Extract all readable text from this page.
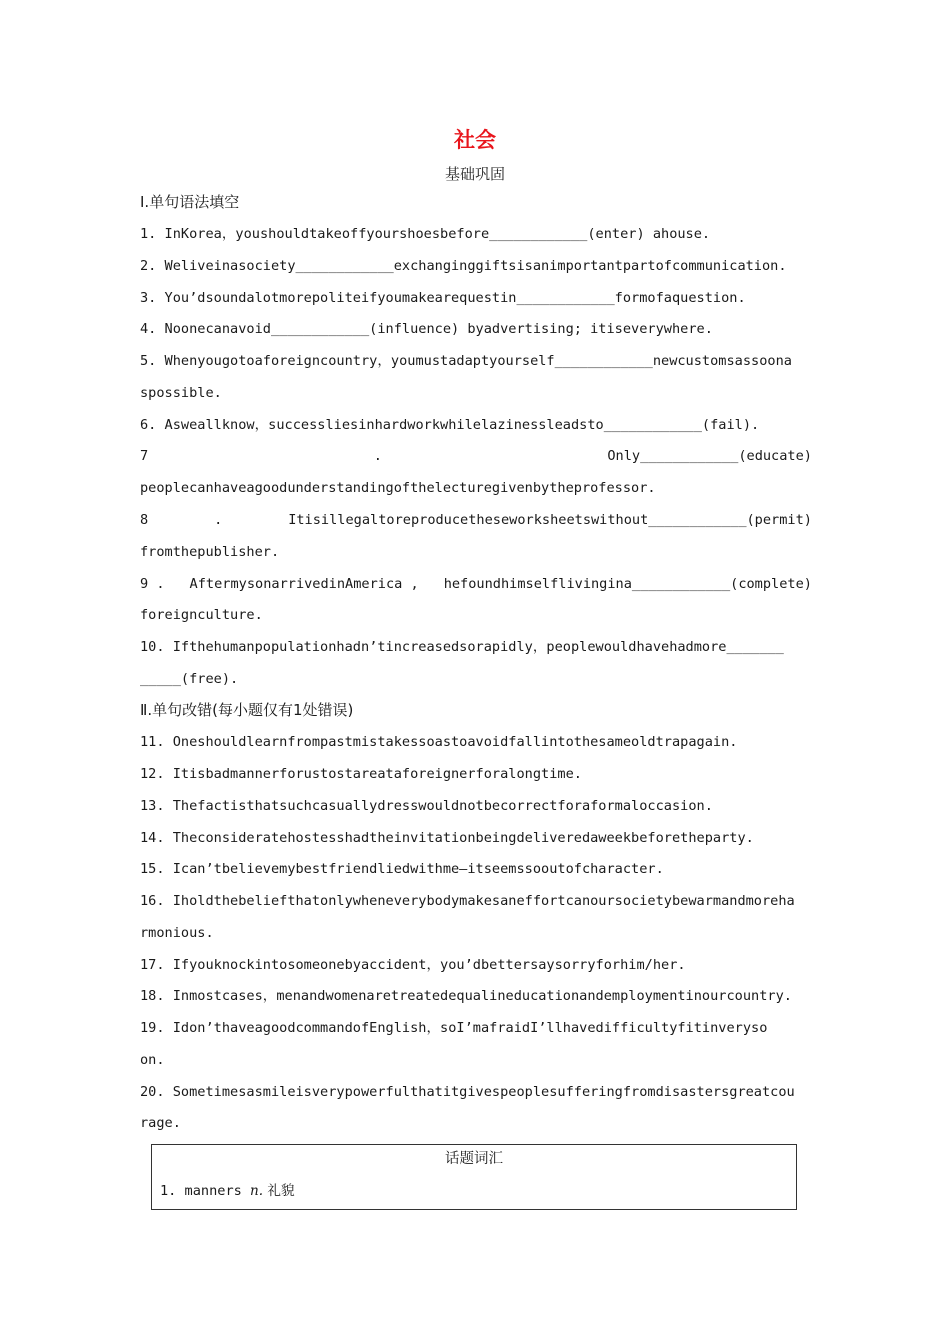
社会
基础巩固
Ⅰ.单句语法填空
1. InKorea，youshouldtakeoffyourshoesbefore____________(enter) ahouse.
2. Weliveinasociety____________exchanginggiftsisanimportantpartofcommunication.
3. You’dsoundalotmorepoliteifyoumakearequestin____________formofaquestion.
4. Noonecanavoid____________(influence) byadvertising; itiseverywhere.
5. Whenyougotoaforeigncountry，youmustadaptyourself____________newcustomsassoona
spossible.
6. Asweallknow，successliesinhardworkwhilelazinessleadsto____________(fail).
7	.	Only____________(educate)
peoplecanhaveagoodunderstandingofthelecturegivenbytheprofessor.
8	.	Itisillegaltoreproducetheseworksheetswithout____________(permit)
fromthepublisher.
9 . AftermysonarrivedinAmerica , hefoundhimselflivingina____________(complete)
foreignculture.
10. Ifthehumanpopulationhadn’tincreasedsorapidly，peoplewouldhavehadmore_______
_____(free).
Ⅱ.单句改错(每小题仅有1处错误)
11. Oneshouldlearnfrompastmistakessoastoavoidfallintothesameoldtrapagain.
12. Itisbadmannerforustostareataforeignerforalongtime.
13. Thefactisthatsuchcasuallydresswouldnotbecorrectforaformaloccasion.
14. Theconsideratehostesshadtheinvitationbeingdeliveredaweekbeforetheparty.
15. Ican’tbelievemybestfriendliedwithme—itseemssooutofcharacter.
16. Iholdthebeliefthatonlywheneverybodymakesaneffortcanoursocietybewarmandmoreha
rmonious.
17. Ifyouknockintosomeonebyaccident，you’dbettersaysorryforhim/her.
18. Inmostcases，menandwomenaretreatedequalineducationandemploymentinourcountry.
19. Idon’thaveagoodcommandofEnglish，soI’mafraidI’llhavedifficultyfitinveryso
on.
20. Sometimesasmileisverypowerfulthatitgivespeoplesufferingfromdisastersgreatcou
rage.
话题词汇
1. manners n. 礼貌
